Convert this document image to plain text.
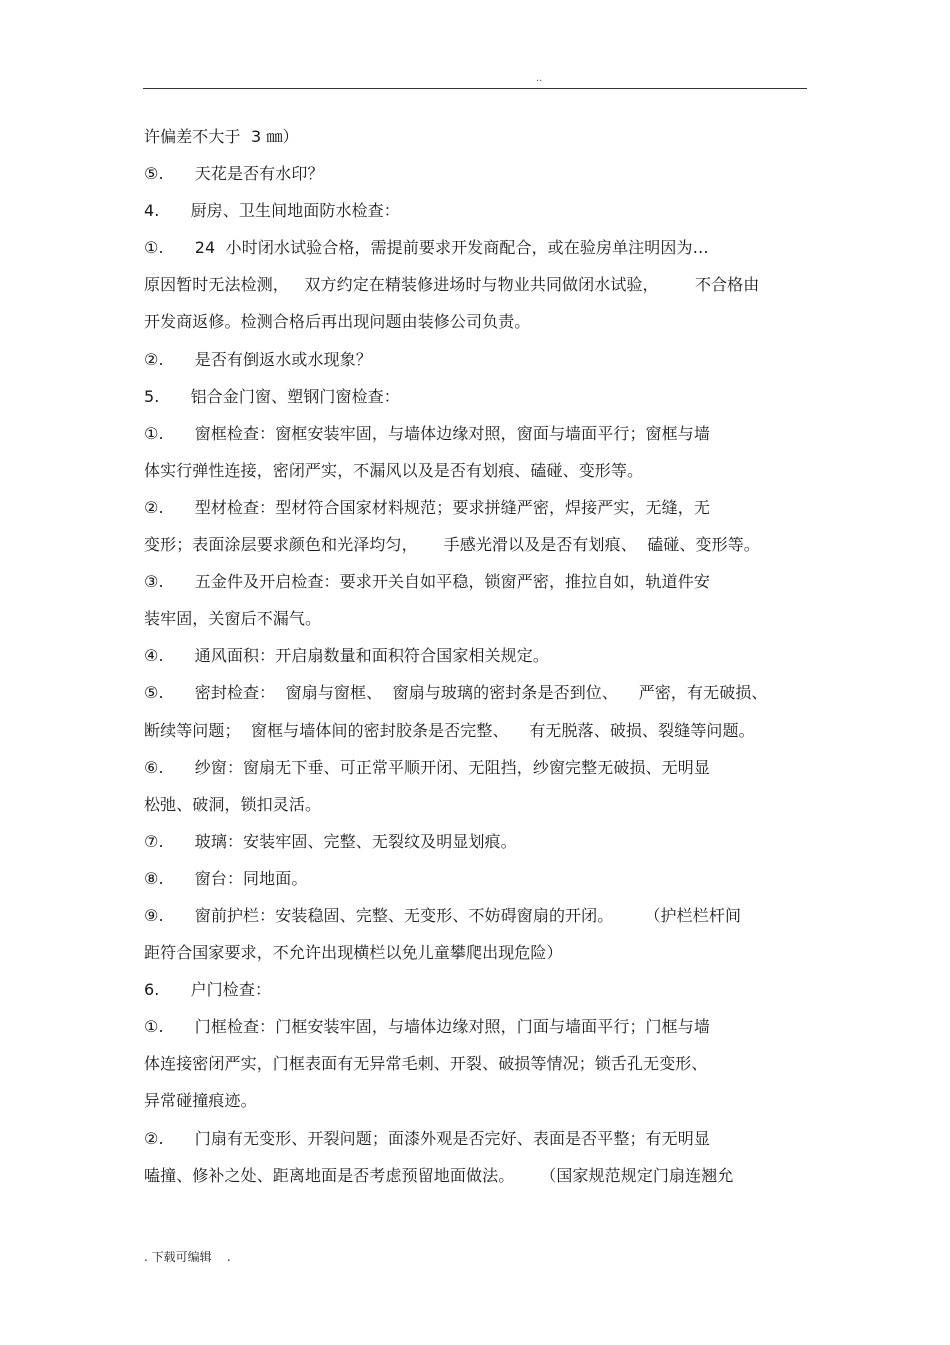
..
许偏差不大于  3 ㎜）
⑤.      天花是否有水印？
4.      厨房、卫生间地面防水检查：
①.      24  小时闭水试验合格，需提前要求开发商配合，或在验房单注明因为…
原因暂时无法检测，   双方约定在精装修进场时与物业共同做闭水试验，       不合格由
开发商返修。检测合格后再出现问题由装修公司负责。
②.      是否有倒返水或水现象？
5.      铝合金门窗、塑钢门窗检查：
①.      窗框检查：窗框安装牢固，与墙体边缘对照，窗面与墙面平行；窗框与墙
体实行弹性连接，密闭严实，不漏风以及是否有划痕、磕碰、变形等。
②.      型材检查：型材符合国家材料规范；要求拼缝严密，焊接严实，无缝，无
变形；表面涂层要求颜色和光泽均匀，     手感光滑以及是否有划痕、  磕碰、变形等。
③.      五金件及开启检查：要求开关自如平稳，锁窗严密，推拉自如，轨道件安
装牢固，关窗后不漏气。
④.      通风面积：开启扇数量和面积符合国家相关规定。
⑤.      密封检查：  窗扇与窗框、  窗扇与玻璃的密封条是否到位、    严密，有无破损、
断续等问题；  窗框与墙体间的密封胶条是否完整、    有无脱落、破损、裂缝等问题。
⑥.      纱窗：窗扇无下垂、可正常平顺开闭、无阻挡，纱窗完整无破损、无明显
松弛、破洞，锁扣灵活。
⑦.      玻璃：安装牢固、完整、无裂纹及明显划痕。
⑧.      窗台：同地面。
⑨.      窗前护栏：安装稳固、完整、无变形、不妨碍窗扇的开闭。      （护栏栏杆间
距符合国家要求，不允许出现横栏以免儿童攀爬出现危险）
6.      户门检查：
①.      门框检查：门框安装牢固，与墙体边缘对照，门面与墙面平行；门框与墙
体连接密闭严实，门框表面有无异常毛刺、开裂、破损等情况；锁舌孔无变形、
异常碰撞痕迹。
②.      门扇有无变形、开裂问题；面漆外观是否完好、表面是否平整；有无明显
嗑撞、修补之处、距离地面是否考虑预留地面做法。     （国家规范规定门扇连翘允
. 下载可编辑    .
